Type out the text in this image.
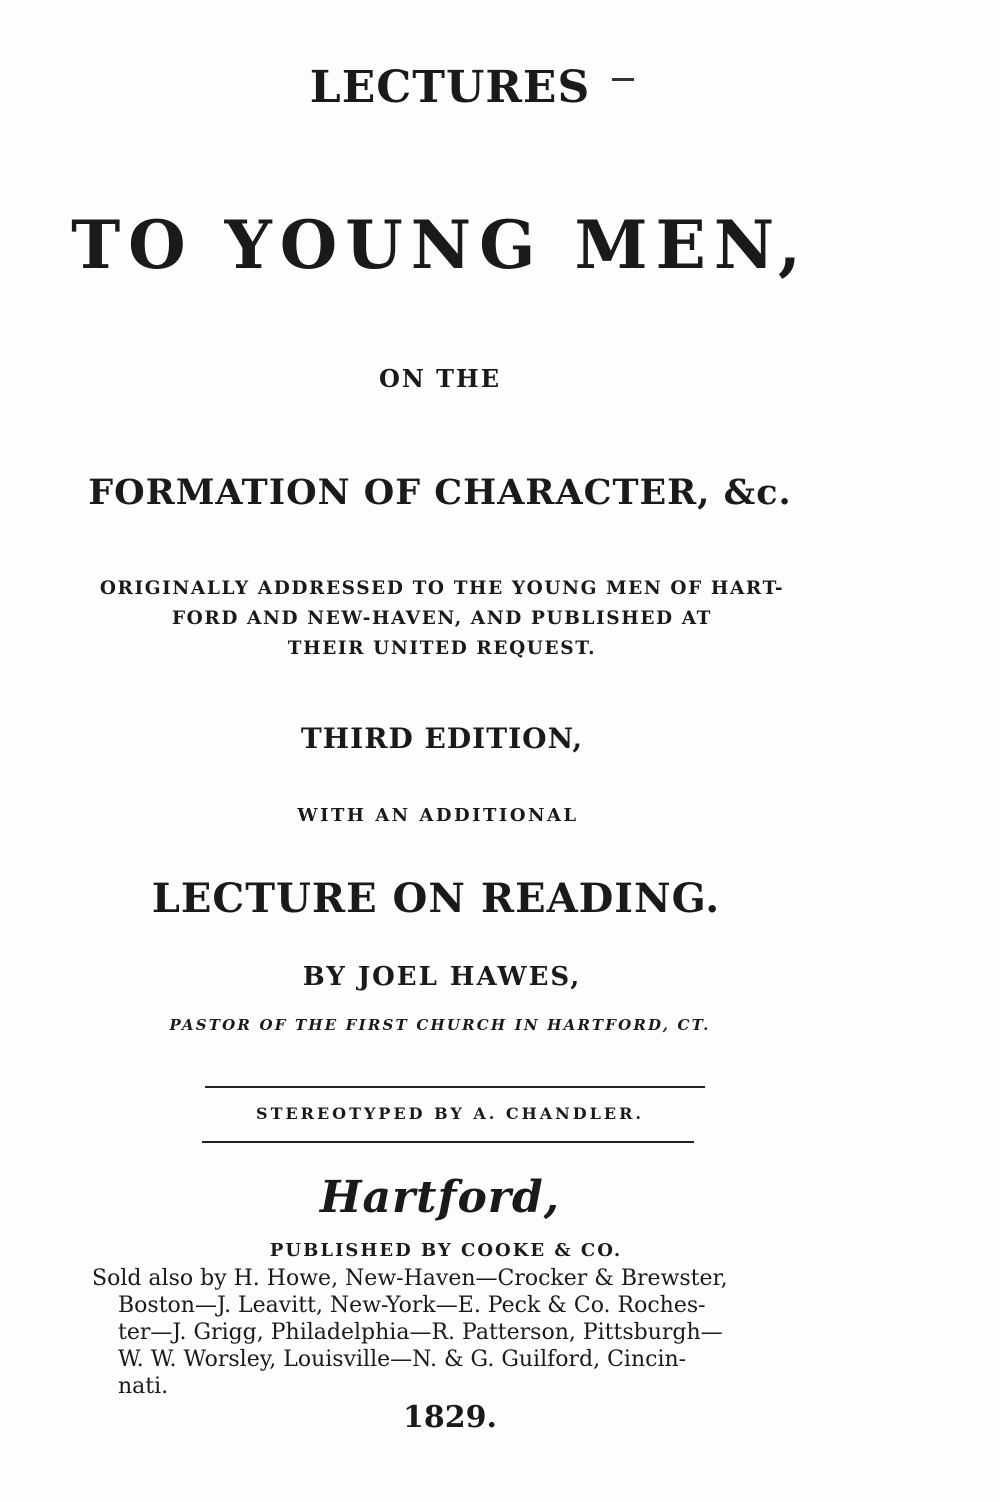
LECTURES
TO YOUNG MEN,
ON THE
FORMATION OF CHARACTER, &c.
ORIGINALLY ADDRESSED TO THE YOUNG MEN OF HART-
FORD AND NEW-HAVEN, AND PUBLISHED AT
THEIR UNITED REQUEST.
THIRD EDITION,
WITH AN ADDITIONAL
LECTURE ON READING.
BY JOEL HAWES,
PASTOR OF THE FIRST CHURCH IN HARTFORD, CT.
STEREOTYPED BY A. CHANDLER.
Hartford,
PUBLISHED BY COOKE & CO.
Sold also by H. Howe, New-Haven—Crocker & Brewster,
Boston—J. Leavitt, New-York—E. Peck & Co. Roches-
ter—J. Grigg, Philadelphia—R. Patterson, Pittsburgh—
W. W. Worsley, Louisville—N. & G. Guilford, Cincin-
nati.
1829.
